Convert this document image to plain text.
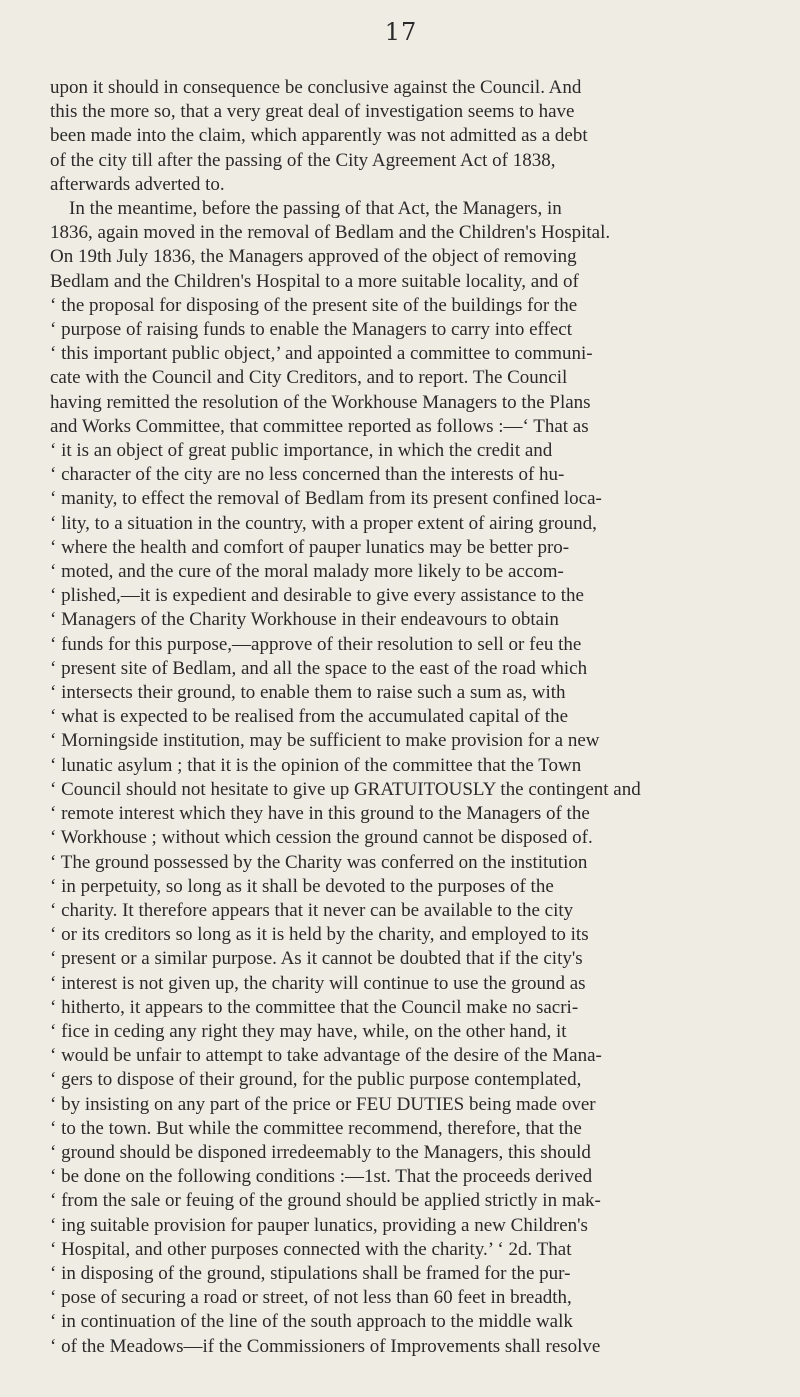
17
upon it should in consequence be conclusive against the Council. And
this the more so, that a very great deal of investigation seems to have
been made into the claim, which apparently was not admitted as a debt
of the city till after the passing of the City Agreement Act of 1838,
afterwards adverted to.
In the meantime, before the passing of that Act, the Managers, in
1836, again moved in the removal of Bedlam and the Children's Hospital.
On 19th July 1836, the Managers approved of the object of removing
Bedlam and the Children's Hospital to a more suitable locality, and of
‘ the proposal for disposing of the present site of the buildings for the
‘ purpose of raising funds to enable the Managers to carry into effect
‘ this important public object,’ and appointed a committee to communi-
cate with the Council and City Creditors, and to report. The Council
having remitted the resolution of the Workhouse Managers to the Plans
and Works Committee, that committee reported as follows :—‘ That as
‘ it is an object of great public importance, in which the credit and
‘ character of the city are no less concerned than the interests of hu-
‘ manity, to effect the removal of Bedlam from its present confined loca-
‘ lity, to a situation in the country, with a proper extent of airing ground,
‘ where the health and comfort of pauper lunatics may be better pro-
‘ moted, and the cure of the moral malady more likely to be accom-
‘ plished,—it is expedient and desirable to give every assistance to the
‘ Managers of the Charity Workhouse in their endeavours to obtain
‘ funds for this purpose,—approve of their resolution to sell or feu the
‘ present site of Bedlam, and all the space to the east of the road which
‘ intersects their ground, to enable them to raise such a sum as, with
‘ what is expected to be realised from the accumulated capital of the
‘ Morningside institution, may be sufficient to make provision for a new
‘ lunatic asylum ; that it is the opinion of the committee that the Town
‘ Council should not hesitate to give up GRATUITOUSLY the contingent and
‘ remote interest which they have in this ground to the Managers of the
‘ Workhouse ; without which cession the ground cannot be disposed of.
‘ The ground possessed by the Charity was conferred on the institution
‘ in perpetuity, so long as it shall be devoted to the purposes of the
‘ charity. It therefore appears that it never can be available to the city
‘ or its creditors so long as it is held by the charity, and employed to its
‘ present or a similar purpose. As it cannot be doubted that if the city's
‘ interest is not given up, the charity will continue to use the ground as
‘ hitherto, it appears to the committee that the Council make no sacri-
‘ fice in ceding any right they may have, while, on the other hand, it
‘ would be unfair to attempt to take advantage of the desire of the Mana-
‘ gers to dispose of their ground, for the public purpose contemplated,
‘ by insisting on any part of the price or FEU DUTIES being made over
‘ to the town. But while the committee recommend, therefore, that the
‘ ground should be disponed irredeemably to the Managers, this should
‘ be done on the following conditions :—1st. That the proceeds derived
‘ from the sale or feuing of the ground should be applied strictly in mak-
‘ ing suitable provision for pauper lunatics, providing a new Children's
‘ Hospital, and other purposes connected with the charity.’ ‘ 2d. That
‘ in disposing of the ground, stipulations shall be framed for the pur-
‘ pose of securing a road or street, of not less than 60 feet in breadth,
‘ in continuation of the line of the south approach to the middle walk
‘ of the Meadows—if the Commissioners of Improvements shall resolve
